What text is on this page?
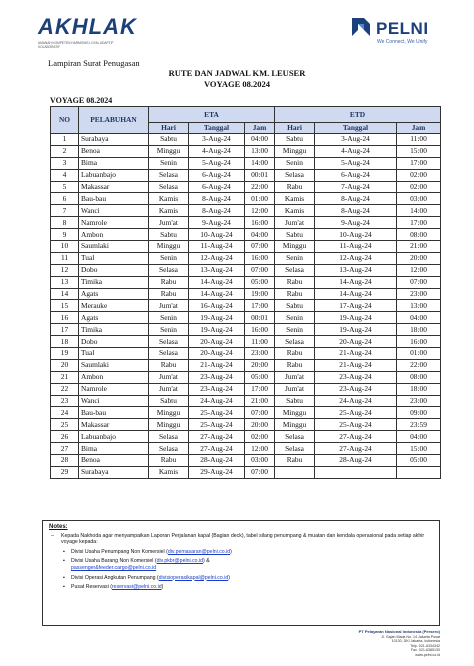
AKHLAK
AMANAH KOMPETEN HARMONIS LOYAL ADAPTIF KOLABORATIF
PELNI
We Connect, We Unify
Lampiran Surat Penugasan
RUTE DAN JADWAL KM. LEUSER
VOYAGE 08.2024
VOYAGE 08.2024
NO	PELABUHAN	ETA			ETD		
		Hari	Tanggal	Jam	Hari	Tanggal	Jam
1	Surabaya	Sabtu	3-Aug-24	04:00	Sabtu	3-Aug-24	11:00
2	Benoa	Minggu	4-Aug-24	13:00	Minggu	4-Aug-24	15:00
3	Bima	Senin	5-Aug-24	14:00	Senin	5-Aug-24	17:00
4	Labuanbajo	Selasa	6-Aug-24	00:01	Selasa	6-Aug-24	02:00
5	Makassar	Selasa	6-Aug-24	22:00	Rabu	7-Aug-24	02:00
6	Bau-bau	Kamis	8-Aug-24	01:00	Kamis	8-Aug-24	03:00
7	Wanci	Kamis	8-Aug-24	12:00	Kamis	8-Aug-24	14:00
8	Namrole	Jum'at	9-Aug-24	16:00	Jum'at	9-Aug-24	17:00
9	Ambon	Sabtu	10-Aug-24	04:00	Sabtu	10-Aug-24	08:00
10	Saumlaki	Minggu	11-Aug-24	07:00	Minggu	11-Aug-24	21:00
11	Tual	Senin	12-Aug-24	16:00	Senin	12-Aug-24	20:00
12	Dobo	Selasa	13-Aug-24	07:00	Selasa	13-Aug-24	12:00
13	Timika	Rabu	14-Aug-24	05:00	Rabu	14-Aug-24	07:00
14	Agats	Rabu	14-Aug-24	19:00	Rabu	14-Aug-24	23:00
15	Merauke	Jum'at	16-Aug-24	17:00	Sabtu	17-Aug-24	13:00
16	Agats	Senin	19-Aug-24	00:01	Senin	19-Aug-24	04:00
17	Timika	Senin	19-Aug-24	16:00	Senin	19-Aug-24	18:00
18	Dobo	Selasa	20-Aug-24	11:00	Selasa	20-Aug-24	16:00
19	Tual	Selasa	20-Aug-24	23:00	Rabu	21-Aug-24	01:00
20	Saumlaki	Rabu	21-Aug-24	20:00	Rabu	21-Aug-24	22:00
21	Ambon	Jum'at	23-Aug-24	05:00	Jum'at	23-Aug-24	08:00
22	Namrole	Jum'at	23-Aug-24	17:00	Jum'at	23-Aug-24	18:00
23	Wanci	Sabtu	24-Aug-24	21:00	Sabtu	24-Aug-24	23:00
24	Bau-bau	Minggu	25-Aug-24	07:00	Minggu	25-Aug-24	09:00
25	Makassar	Minggu	25-Aug-24	20:00	Minggu	25-Aug-24	23:59
26	Labuanbajo	Selasa	27-Aug-24	02:00	Selasa	27-Aug-24	04:00
27	Bima	Selasa	27-Aug-24	12:00	Selasa	27-Aug-24	15:00
28	Benoa	Rabu	28-Aug-24	03:00	Rabu	28-Aug-24	05:00
29	Surabaya	Kamis	29-Aug-24	07:00			
Notes:
– Kepada Nakhoda agar menyampaikan Laporan Perjalanan kapal (Bagian deck), tabel silang penumpang & muatan dan kendala operasional pada setiap akhir voyage kepada:
▪ Divisi Usaha Penumpang Non Komersiel (div.pemasaran@pelni.co.id)
▪ Divisi Usaha Barang Non Komersiel (div.pkbr@pelni.co.id) &
passenger&feeder.cargo@pelni.co.id
▪ Divisi Operasi Angkutan Penumpang (divisioperasikapal@pelni.co.id)
▪ Pusat Reservasi (reservasi@pelni.co.id)
PT Pelayaran Nasional Indonesia (Persero)
Jl. Gajah Mada No. 14 Jakarta Pusat
10130, DKI Jakarta, Indonesia
Telp. 021-6334342
Fax. 021-6385130
www.pelni.co.id
